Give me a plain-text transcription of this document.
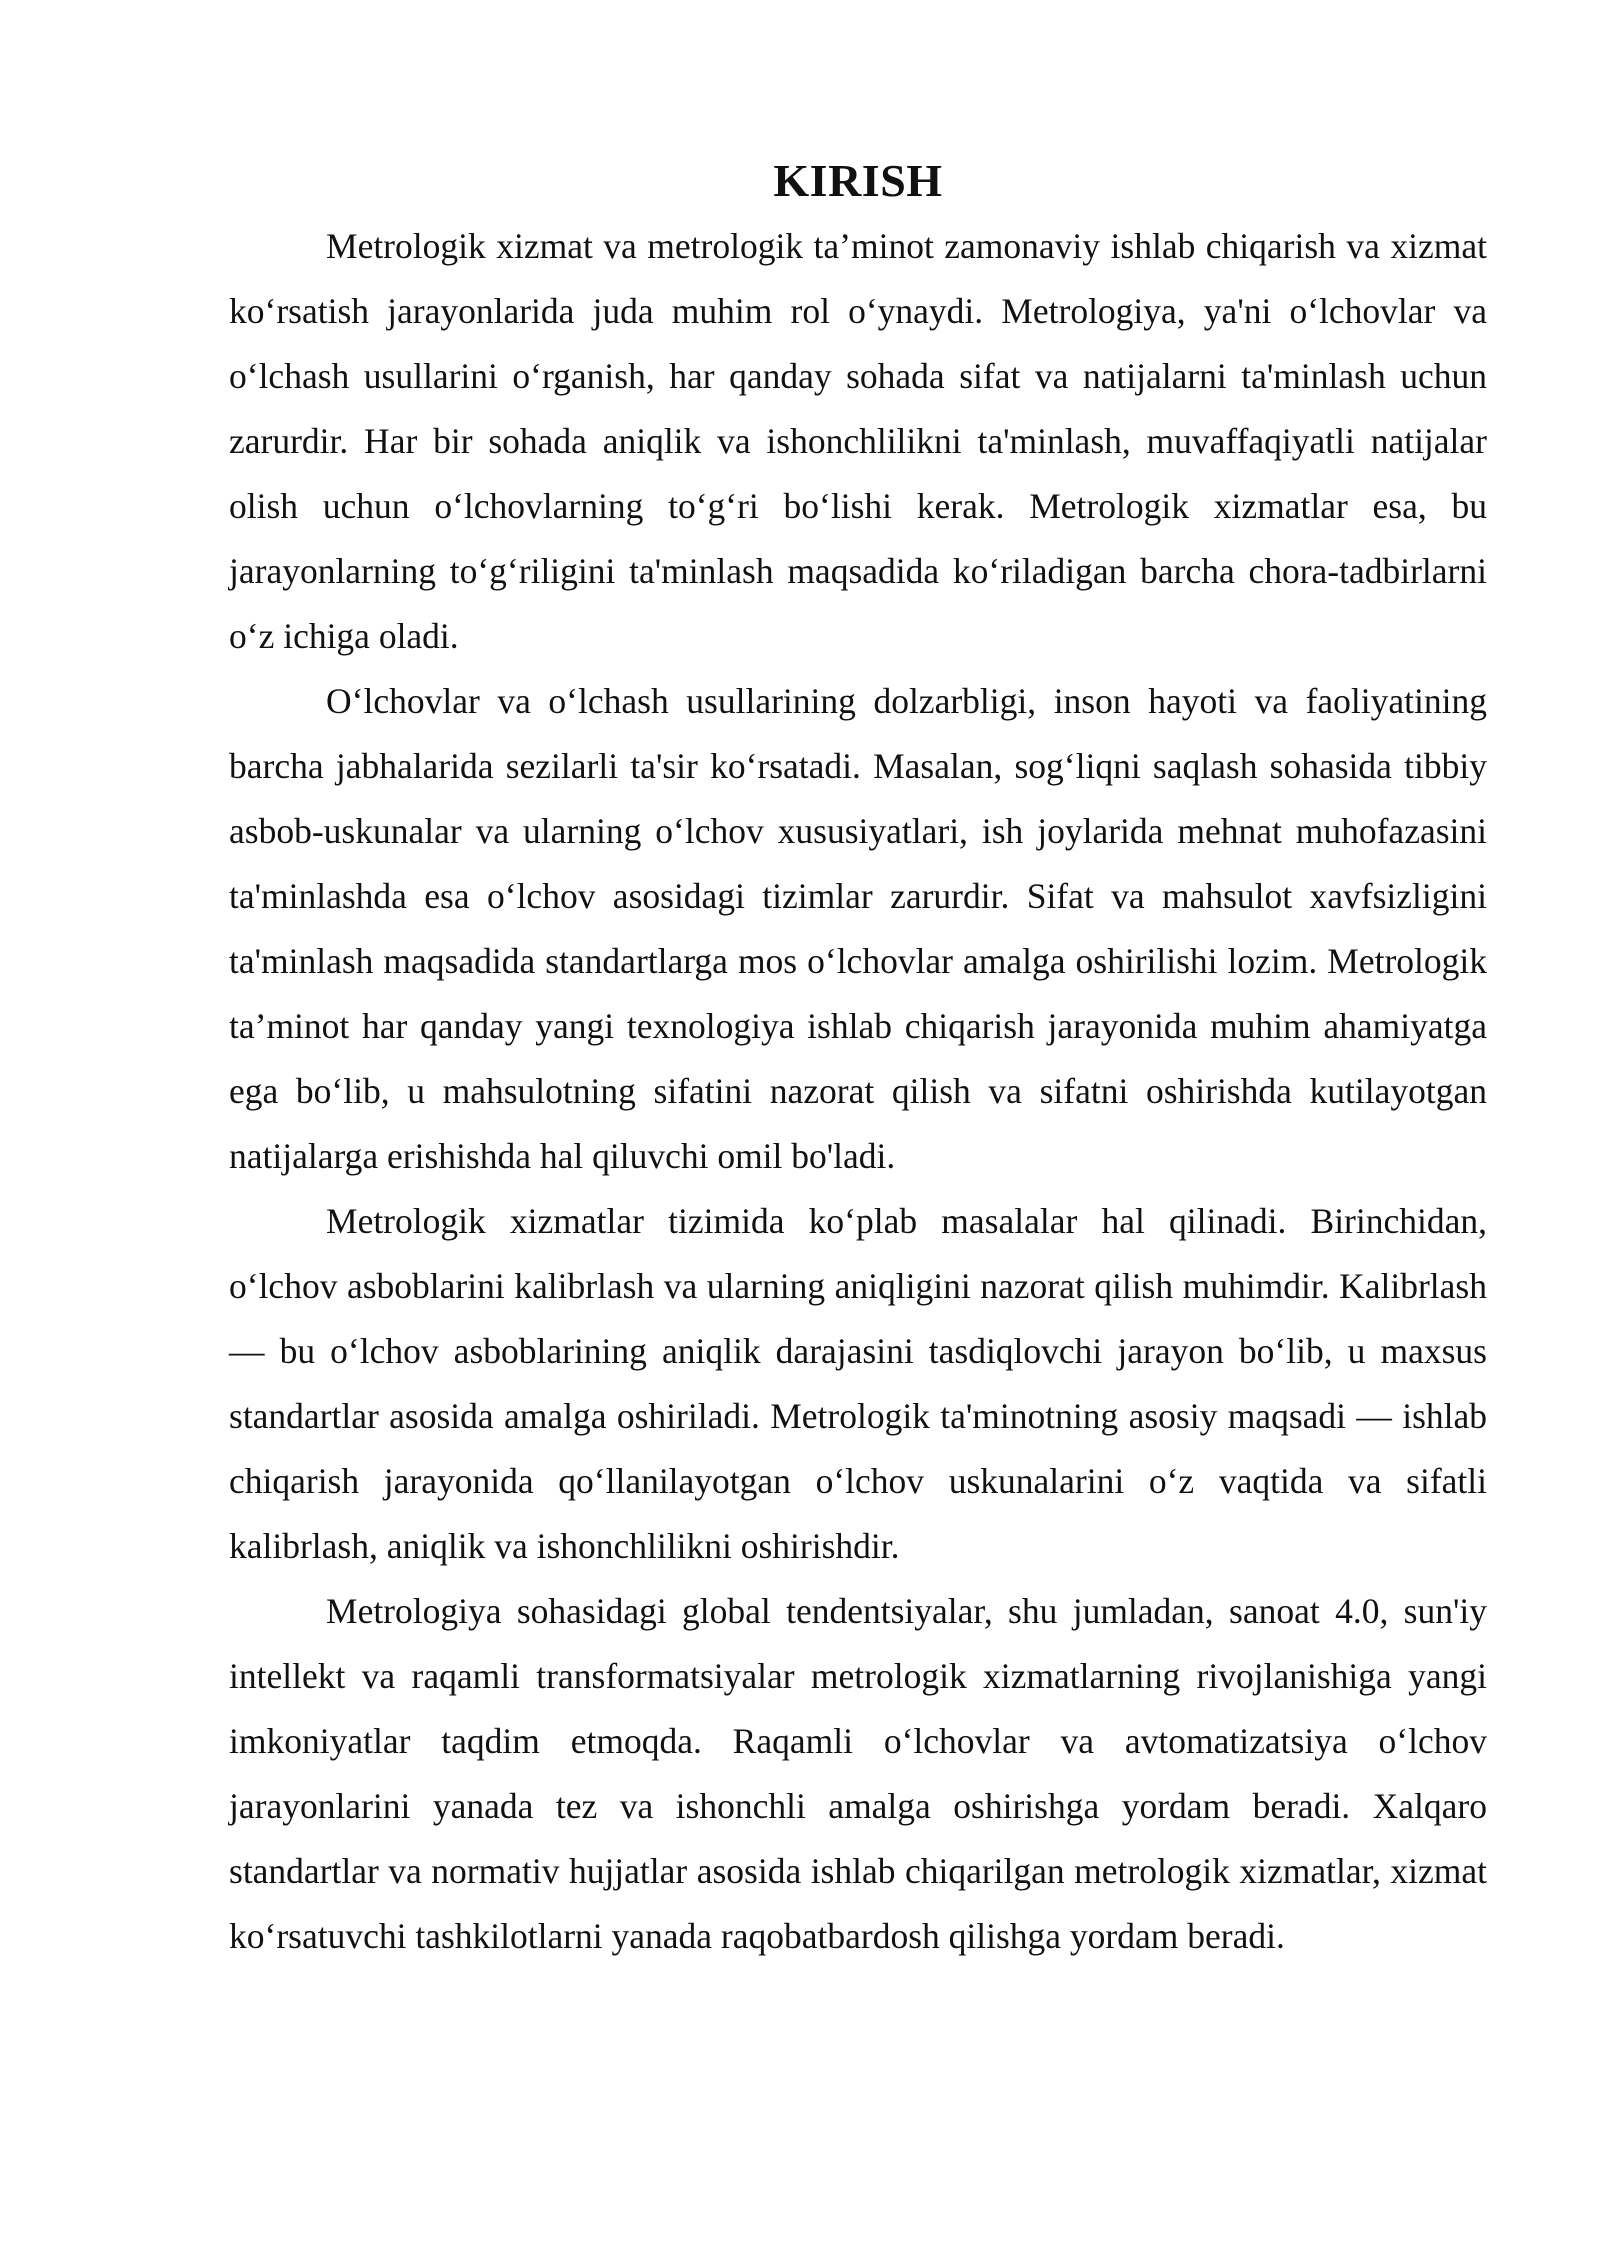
KIRISH

Metrologik xizmat va metrologik ta’minot zamonaviy ishlab chiqarish va xizmat ko‘rsatish jarayonlarida juda muhim rol o‘ynaydi. Metrologiya, ya'ni o‘lchovlar va o‘lchash usullarini o‘rganish, har qanday sohada sifat va natijalarni ta'minlash uchun zarurdir. Har bir sohada aniqlik va ishonchlilikni ta'minlash, muvaffaqiyatli natijalar olish uchun o‘lchovlarning to‘g‘ri bo‘lishi kerak. Metrologik xizmatlar esa, bu jarayonlarning to‘g‘riligini ta'minlash maqsadida ko‘riladigan barcha chora-tadbirlarni o‘z ichiga oladi.

O‘lchovlar va o‘lchash usullarining dolzarbligi, inson hayoti va faoliyatining barcha jabhalarida sezilarli ta'sir ko‘rsatadi. Masalan, sog‘liqni saqlash sohasida tibbiy asbob-uskunalar va ularning o‘lchov xususiyatlari, ish joylarida mehnat muhofazasini ta'minlashda esa o‘lchov asosidagi tizimlar zarurdir. Sifat va mahsulot xavfsizligini ta'minlash maqsadida standartlarga mos o‘lchovlar amalga oshirilishi lozim. Metrologik ta’minot har qanday yangi texnologiya ishlab chiqarish jarayonida muhim ahamiyatga ega bo‘lib, u mahsulotning sifatini nazorat qilish va sifatni oshirishda kutilayotgan natijalarga erishishda hal qiluvchi omil bo'ladi.

Metrologik xizmatlar tizimida ko‘plab masalalar hal qilinadi. Birinchidan, o‘lchov asboblarini kalibrlash va ularning aniqligini nazorat qilish muhimdir. Kalibrlash — bu o‘lchov asboblarining aniqlik darajasini tasdiqlovchi jarayon bo‘lib, u maxsus standartlar asosida amalga oshiriladi. Metrologik ta'minotning asosiy maqsadi — ishlab chiqarish jarayonida qo‘llanilayotgan o‘lchov uskunalarini o‘z vaqtida va sifatli kalibrlash, aniqlik va ishonchlilikni oshirishdir.

Metrologiya sohasidagi global tendentsiyalar, shu jumladan, sanoat 4.0, sun'iy intellekt va raqamli transformatsiyalar metrologik xizmatlarning rivojlanishiga yangi imkoniyatlar taqdim etmoqda. Raqamli o‘lchovlar va avtomatizatsiya o‘lchov jarayonlarini yanada tez va ishonchli amalga oshirishga yordam beradi. Xalqaro standartlar va normativ hujjatlar asosida ishlab chiqarilgan metrologik xizmatlar, xizmat ko‘rsatuvchi tashkilotlarni yanada raqobatbardosh qilishga yordam beradi.
